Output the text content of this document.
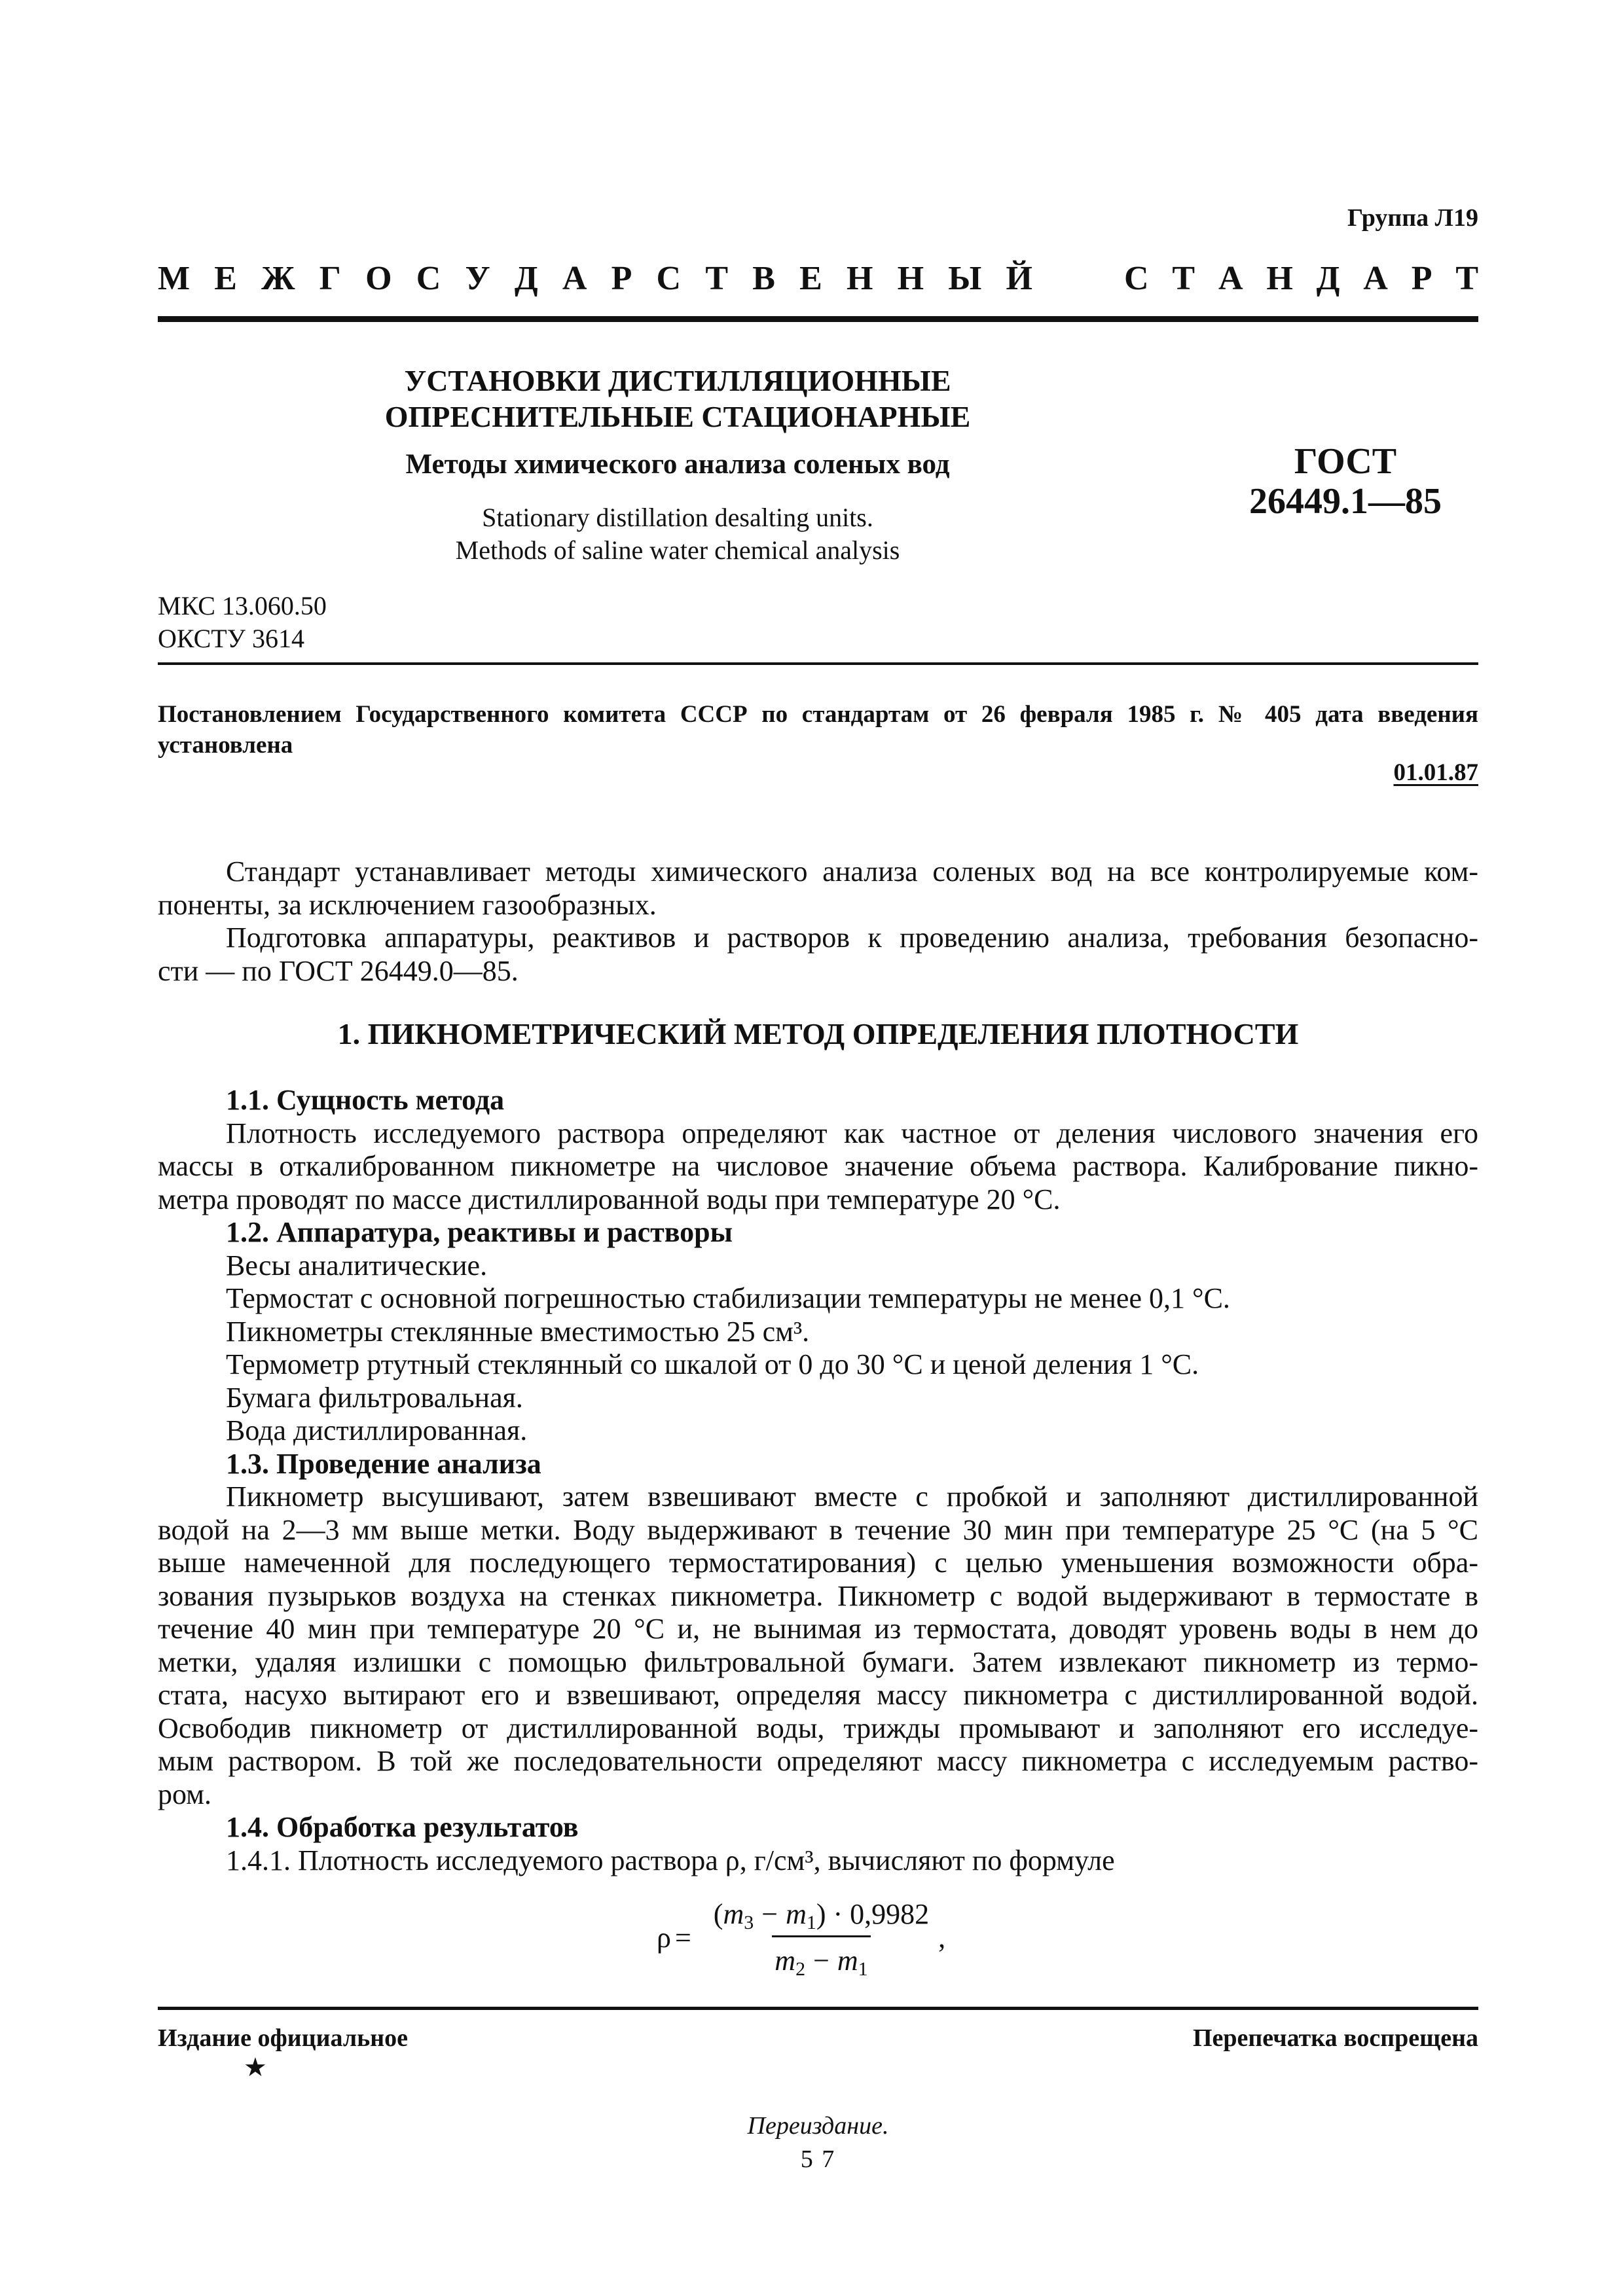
Группа Л19
М Е Ж Г О С У Д А Р С Т В Е Н Н Ы Й	С Т А Н Д А Р Т
УСТАНОВКИ ДИСТИЛЛЯЦИОННЫЕ
ОПРЕСНИТЕЛЬНЫЕ СТАЦИОНАРНЫЕ
Методы химического анализа соленых вод
Stationary distillation desalting units.
Methods of saline water chemical analysis
ГОСТ
26449.1—85
МКС 13.060.50
ОКСТУ 3614
Постановлением Государственного комитета СССР по стандартам от 26 февраля 1985 г. № 405 дата введения
установлена
01.01.87
Стандарт устанавливает методы химического анализа соленых вод на все контролируемые ком-
поненты, за исключением газообразных.
Подготовка аппаратуры, реактивов и растворов к проведению анализа, требования безопасно-
сти — по ГОСТ 26449.0—85.
1. ПИКНОМЕТРИЧЕСКИЙ МЕТОД ОПРЕДЕЛЕНИЯ ПЛОТНОСТИ
1.1. Сущность метода
Плотность исследуемого раствора определяют как частное от деления числового значения его
массы в откалиброванном пикнометре на числовое значение объема раствора. Калибрование пикно-
метра проводят по массе дистиллированной воды при температуре 20 °С.
1.2. Аппаратура, реактивы и растворы
Весы аналитические.
Термостат с основной погрешностью стабилизации температуры не менее 0,1 °С.
Пикнометры стеклянные вместимостью 25 см³.
Термометр ртутный стеклянный со шкалой от 0 до 30 °С и ценой деления 1 °С.
Бумага фильтровальная.
Вода дистиллированная.
1.3. Проведение анализа
Пикнометр высушивают, затем взвешивают вместе с пробкой и заполняют дистиллированной
водой на 2—3 мм выше метки. Воду выдерживают в течение 30 мин при температуре 25 °С (на 5 °С
выше намеченной для последующего термостатирования) с целью уменьшения возможности обра-
зования пузырьков воздуха на стенках пикнометра. Пикнометр с водой выдерживают в термостате в
течение 40 мин при температуре 20 °С и, не вынимая из термостата, доводят уровень воды в нем до
метки, удаляя излишки с помощью фильтровальной бумаги. Затем извлекают пикнометр из термо-
стата, насухо вытирают его и взвешивают, определяя массу пикнометра с дистиллированной водой.
Освободив пикнометр от дистиллированной воды, трижды промывают и заполняют его исследуе-
мым раствором. В той же последовательности определяют массу пикнометра с исследуемым раство-
ром.
1.4. Обработка результатов
1.4.1. Плотность исследуемого раствора ρ, г/см³, вычисляют по формуле
$\rho = \frac{(m_3 - m_1) \cdot 0,9982}{m_2 - m_1}$ ,
Издание официальное	Перепечатка воспрещена
★
Переиздание.
5 7
